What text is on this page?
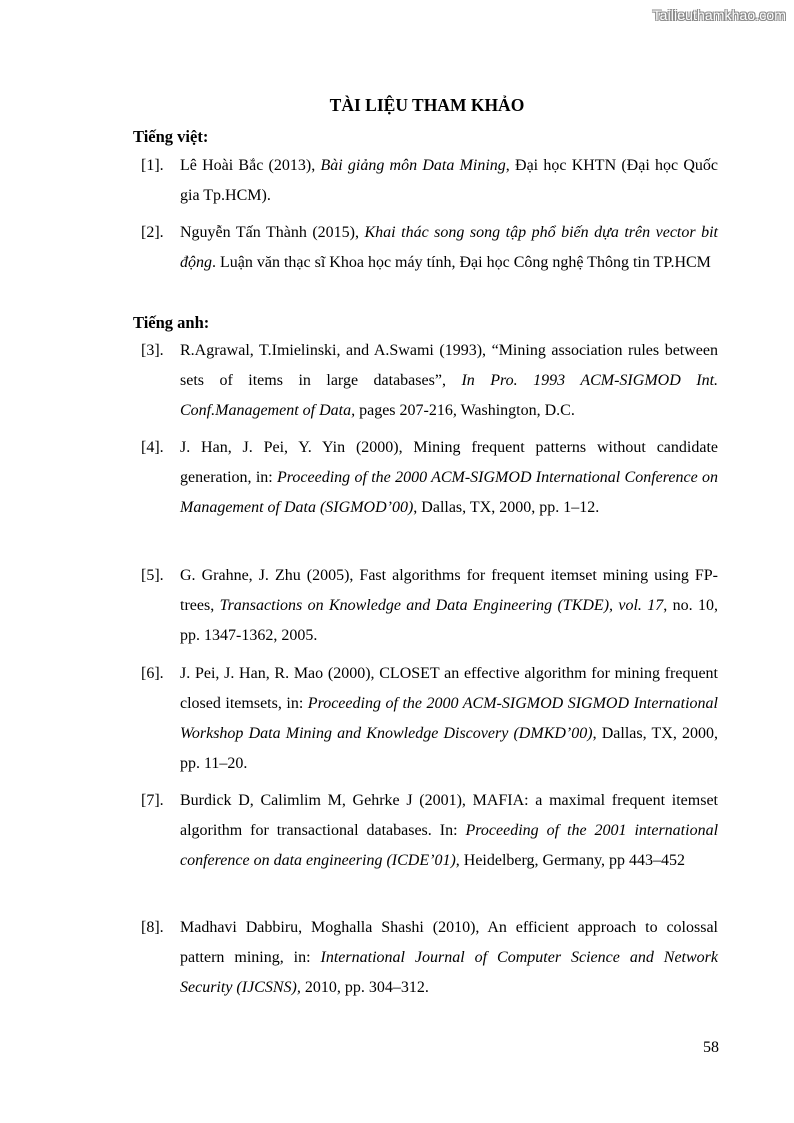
Tailieuthamkhao.com
TÀI LIỆU THAM KHẢO
Tiếng việt:
[1]. Lê Hoài Bắc (2013), Bài giảng môn Data Mining, Đại học KHTN (Đại học Quốc gia Tp.HCM).
[2]. Nguyễn Tấn Thành (2015), Khai thác song song tập phổ biến dựa trên vector bit động. Luận văn thạc sĩ Khoa học máy tính, Đại học Công nghệ Thông tin TP.HCM
Tiếng anh:
[3]. R.Agrawal, T.Imielinski, and A.Swami (1993), “Mining association rules between sets of items in large databases”, In Pro. 1993 ACM-SIGMOD Int. Conf.Management of Data, pages 207-216, Washington, D.C.
[4]. J. Han, J. Pei, Y. Yin (2000), Mining frequent patterns without candidate generation, in: Proceeding of the 2000 ACM-SIGMOD International Conference on Management of Data (SIGMOD’00), Dallas, TX, 2000, pp. 1–12.
[5]. G. Grahne, J. Zhu (2005), Fast algorithms for frequent itemset mining using FP-trees, Transactions on Knowledge and Data Engineering (TKDE), vol. 17, no. 10, pp. 1347-1362, 2005.
[6]. J. Pei, J. Han, R. Mao (2000), CLOSET an effective algorithm for mining frequent closed itemsets, in: Proceeding of the 2000 ACM-SIGMOD SIGMOD International Workshop Data Mining and Knowledge Discovery (DMKD’00), Dallas, TX, 2000, pp. 11–20.
[7]. Burdick D, Calimlim M, Gehrke J (2001), MAFIA: a maximal frequent itemset algorithm for transactional databases. In: Proceeding of the 2001 international conference on data engineering (ICDE’01), Heidelberg, Germany, pp 443–452
[8]. Madhavi Dabbiru, Moghalla Shashi (2010), An efficient approach to colossal pattern mining, in: International Journal of Computer Science and Network Security (IJCSNS), 2010, pp. 304–312.
58
